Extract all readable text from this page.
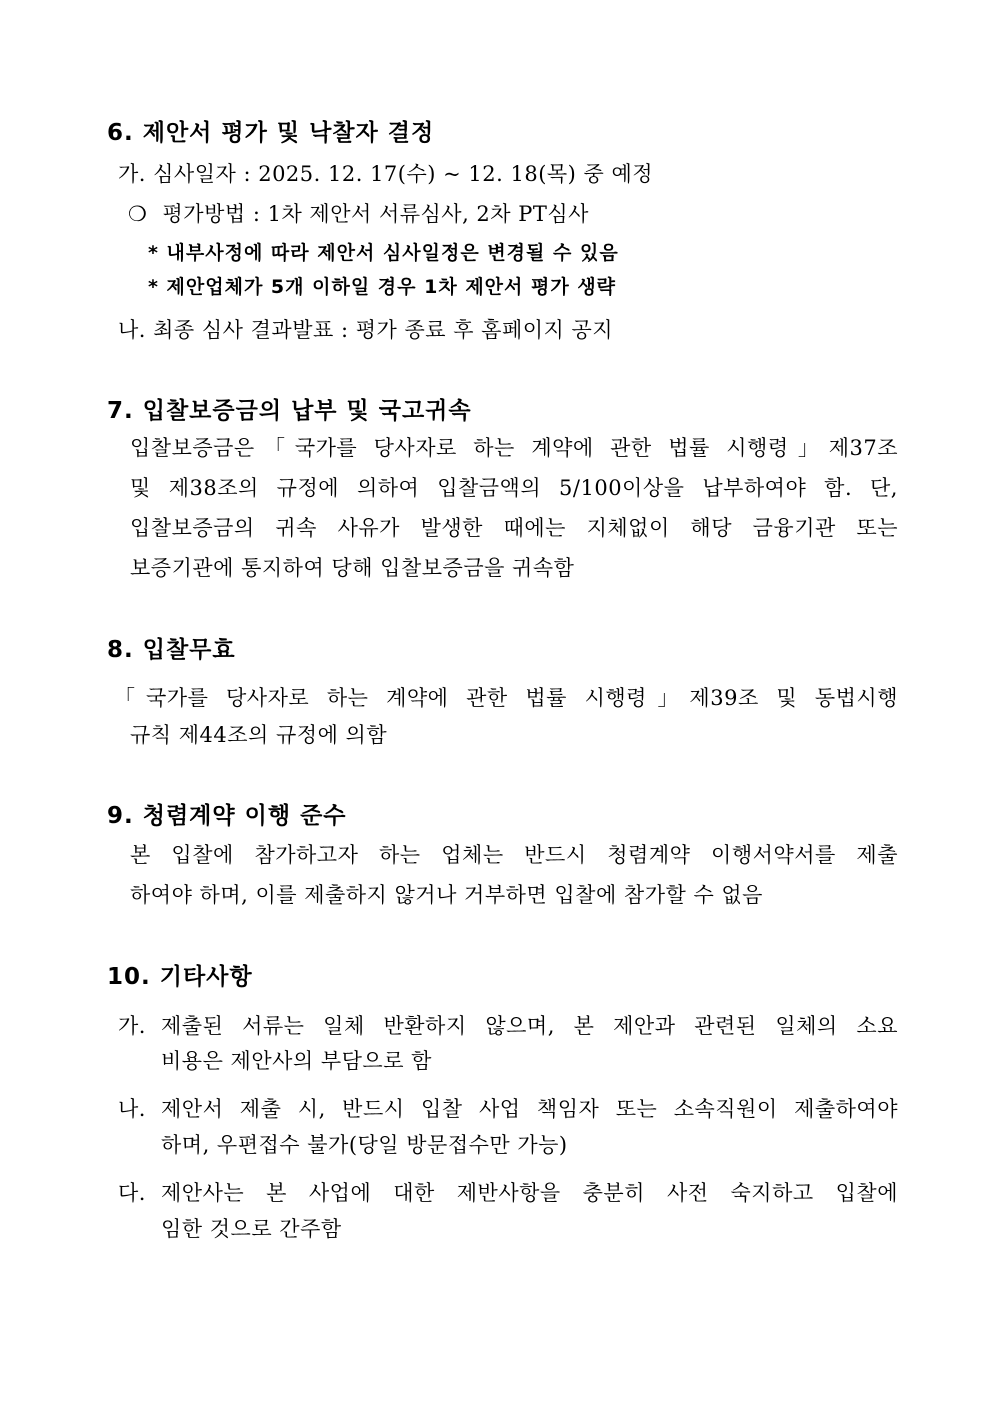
6. 제안서 평가 및 낙찰자 결정
가. 심사일자 : 2025. 12. 17(수) ~ 12. 18(목) 중 예정
❍ 평가방법 : 1차 제안서 서류심사, 2차 PT심사
* 내부사정에 따라 제안서 심사일정은 변경될 수 있음
* 제안업체가 5개 이하일 경우 1차 제안서 평가 생략
나. 최종 심사 결과발표 : 평가 종료 후 홈페이지 공지
7. 입찰보증금의 납부 및 국고귀속
입찰보증금은「국가를 당사자로 하는 계약에 관한 법률 시행령」제37조
및 제38조의 규정에 의하여 입찰금액의 5/100이상을 납부하여야 함. 단,
입찰보증금의 귀속 사유가 발생한 때에는 지체없이 해당 금융기관 또는
보증기관에 통지하여 당해 입찰보증금을 귀속함
8. 입찰무효
「국가를 당사자로 하는 계약에 관한 법률 시행령」제39조 및 동법시행
규칙 제44조의 규정에 의함
9. 청렴계약 이행 준수
본 입찰에 참가하고자 하는 업체는 반드시 청렴계약 이행서약서를 제출
하여야 하며, 이를 제출하지 않거나 거부하면 입찰에 참가할 수 없음
10. 기타사항
가. 제출된 서류는 일체 반환하지 않으며, 본 제안과 관련된 일체의 소요
비용은 제안사의 부담으로 함
나. 제안서 제출 시, 반드시 입찰 사업 책임자 또는 소속직원이 제출하여야
하며, 우편접수 불가(당일 방문접수만 가능)
다. 제안사는 본 사업에 대한 제반사항을 충분히 사전 숙지하고 입찰에
임한 것으로 간주함
